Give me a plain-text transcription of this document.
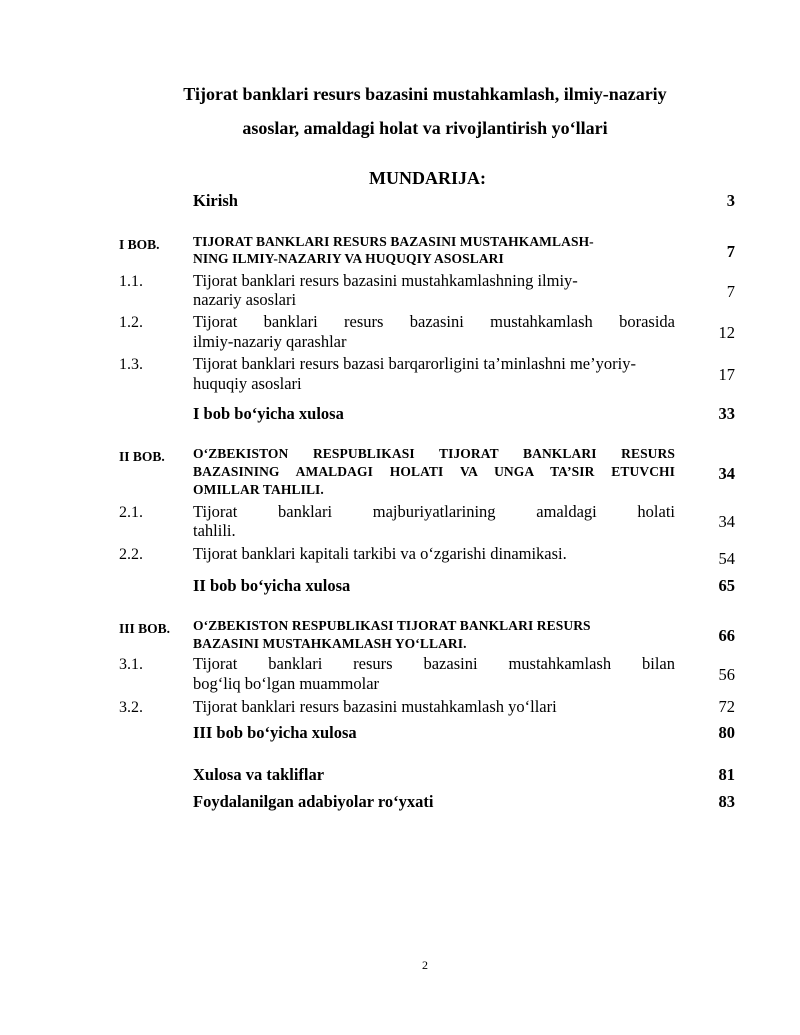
Tijorat banklari resurs bazasini mustahkamlash, ilmiy-nazariy
asoslar, amaldagi holat va rivojlantirish yo‘llari
MUNDARIJA:
Kirish	3
I BOB. TIJORAT BANKLARI RESURS BAZASINI MUSTAHKAMLASH-
NING ILMIY-NAZARIY VA HUQUQIY ASOSLARI	7
1.1.	Tijorat banklari resurs bazasini mustahkamlashning ilmiy-
nazariy asoslari	7
1.2.	Tijorat banklari resurs bazasini mustahkamlash borasida
ilmiy-nazariy qarashlar	12
1.3.	Tijorat banklari resurs bazasi barqarorligini ta’minlashni me’yoriy-
huquqiy asoslari	17
I bob bo‘yicha xulosa	33
II BOB. O‘ZBEKISTON RESPUBLIKASI TIJORAT BANKLARI RESURS
BAZASINING AMALDAGI HOLATI VA UNGA TA’SIR ETUVCHI
OMILLAR TAHLILI.
34
2.1.	Tijorat banklari majburiyatlarining amaldagi holati
tahlili.	34
2.2.	Tijorat banklari kapitali tarkibi va o‘zgarishi dinamikasi.	54
II bob bo‘yicha xulosa	65
III BOB. O‘ZBEKISTON RESPUBLIKASI TIJORAT BANKLARI RESURS
BAZASINI MUSTAHKAMLASH YO‘LLARI.	66
3.1.	Tijorat banklari resurs bazasini mustahkamlash bilan
bog‘liq bo‘lgan muammolar	56
3.2.	Tijorat banklari resurs bazasini mustahkamlash yo‘llari	72
III bob bo‘yicha xulosa	80
Xulosa va takliflar	81
Foydalanilgan adabiyolar ro‘yxati	83
2
